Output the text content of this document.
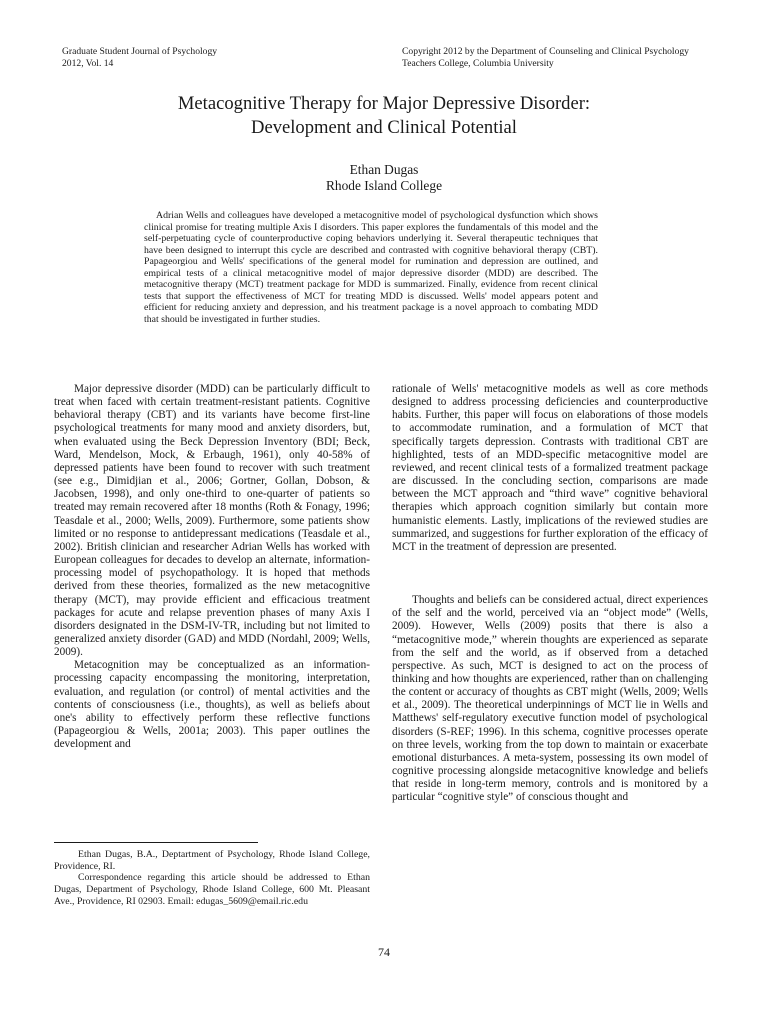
Graduate Student Journal of Psychology
2012, Vol. 14
Copyright 2012 by the Department of Counseling and Clinical Psychology
Teachers College, Columbia University
Metacognitive Therapy for Major Depressive Disorder:
Development and Clinical Potential
Ethan Dugas
Rhode Island College
Adrian Wells and colleagues have developed a metacognitive model of psychological dysfunction which shows clinical promise for treating multiple Axis I disorders. This paper explores the fundamentals of this model and the self-perpetuating cycle of counterproductive coping behaviors underlying it. Several therapeutic techniques that have been designed to interrupt this cycle are described and contrasted with cognitive behavioral therapy (CBT). Papageorgiou and Wells' specifications of the general model for rumination and depression are outlined, and empirical tests of a clinical metacognitive model of major depressive disorder (MDD) are described. The metacognitive therapy (MCT) treatment package for MDD is summarized. Finally, evidence from recent clinical tests that support the effectiveness of MCT for treating MDD is discussed. Wells' model appears potent and efficient for reducing anxiety and depression, and his treatment package is a novel approach to combating MDD that should be investigated in further studies.

Major depressive disorder (MDD) can be particularly difficult to treat when faced with certain treatment-resistant patients. Cognitive behavioral therapy (CBT) and its variants have become first-line psychological treatments for many mood and anxiety disorders, but, when evaluated using the Beck Depression Inventory (BDI; Beck, Ward, Mendelson, Mock, & Erbaugh, 1961), only 40-58% of depressed patients have been found to recover with such treatment (see e.g., Dimidjian et al., 2006; Gortner, Gollan, Dobson, & Jacobsen, 1998), and only one-third to one-quarter of patients so treated may remain recovered after 18 months (Roth & Fonagy, 1996; Teasdale et al., 2000; Wells, 2009). Furthermore, some patients show limited or no response to antidepressant medications (Teasdale et al., 2002). British clinician and researcher Adrian Wells has worked with European colleagues for decades to develop an alternate, information-processing model of psychopathology. It is hoped that methods derived from these theories, formalized as the new metacognitive therapy (MCT), may provide efficient and efficacious treatment packages for acute and relapse prevention phases of many Axis I disorders designated in the DSM-IV-TR, including but not limited to generalized anxiety disorder (GAD) and MDD (Nordahl, 2009; Wells, 2009).

Metacognition may be conceptualized as an information-processing capacity encompassing the monitoring, interpretation, evaluation, and regulation (or control) of mental activities and the contents of consciousness (i.e., thoughts), as well as beliefs about one's ability to effectively perform these reflective functions (Papageorgiou & Wells, 2001a; 2003). This paper outlines the development and

rationale of Wells' metacognitive models as well as core methods designed to address processing deficiencies and counterproductive habits. Further, this paper will focus on elaborations of those models to accommodate rumination, and a formulation of MCT that specifically targets depression. Contrasts with traditional CBT are highlighted, tests of an MDD-specific metacognitive model are reviewed, and recent clinical tests of a formalized treatment package are discussed. In the concluding section, comparisons are made between the MCT approach and “third wave” cognitive behavioral therapies which approach cognition similarly but contain more humanistic elements. Lastly, implications of the reviewed studies are summarized, and suggestions for further exploration of the efficacy of MCT in the treatment of depression are presented.

Thoughts and beliefs can be considered actual, direct experiences of the self and the world, perceived via an “object mode” (Wells, 2009). However, Wells (2009) posits that there is also a “metacognitive mode,” wherein thoughts are experienced as separate from the self and the world, as if observed from a detached perspective. As such, MCT is designed to act on the process of thinking and how thoughts are experienced, rather than on challenging the content or accuracy of thoughts as CBT might (Wells, 2009; Wells et al., 2009). The theoretical underpinnings of MCT lie in Wells and Matthews' self-regulatory executive function model of psychological disorders (S-REF; 1996). In this schema, cognitive processes operate on three levels, working from the top down to maintain or exacerbate emotional disturbances. A meta-system, possessing its own model of cognitive processing alongside metacognitive knowledge and beliefs that reside in long-term memory, controls and is monitored by a particular “cognitive style” of conscious thought and

Ethan Dugas, B.A., Deptartment of Psychology, Rhode Island College, Providence, RI.

Correspondence regarding this article should be addressed to Ethan Dugas, Department of Psychology, Rhode Island College, 600 Mt. Pleasant Ave., Providence, RI 02903. Email: edugas_5609@email.ric.edu

74
